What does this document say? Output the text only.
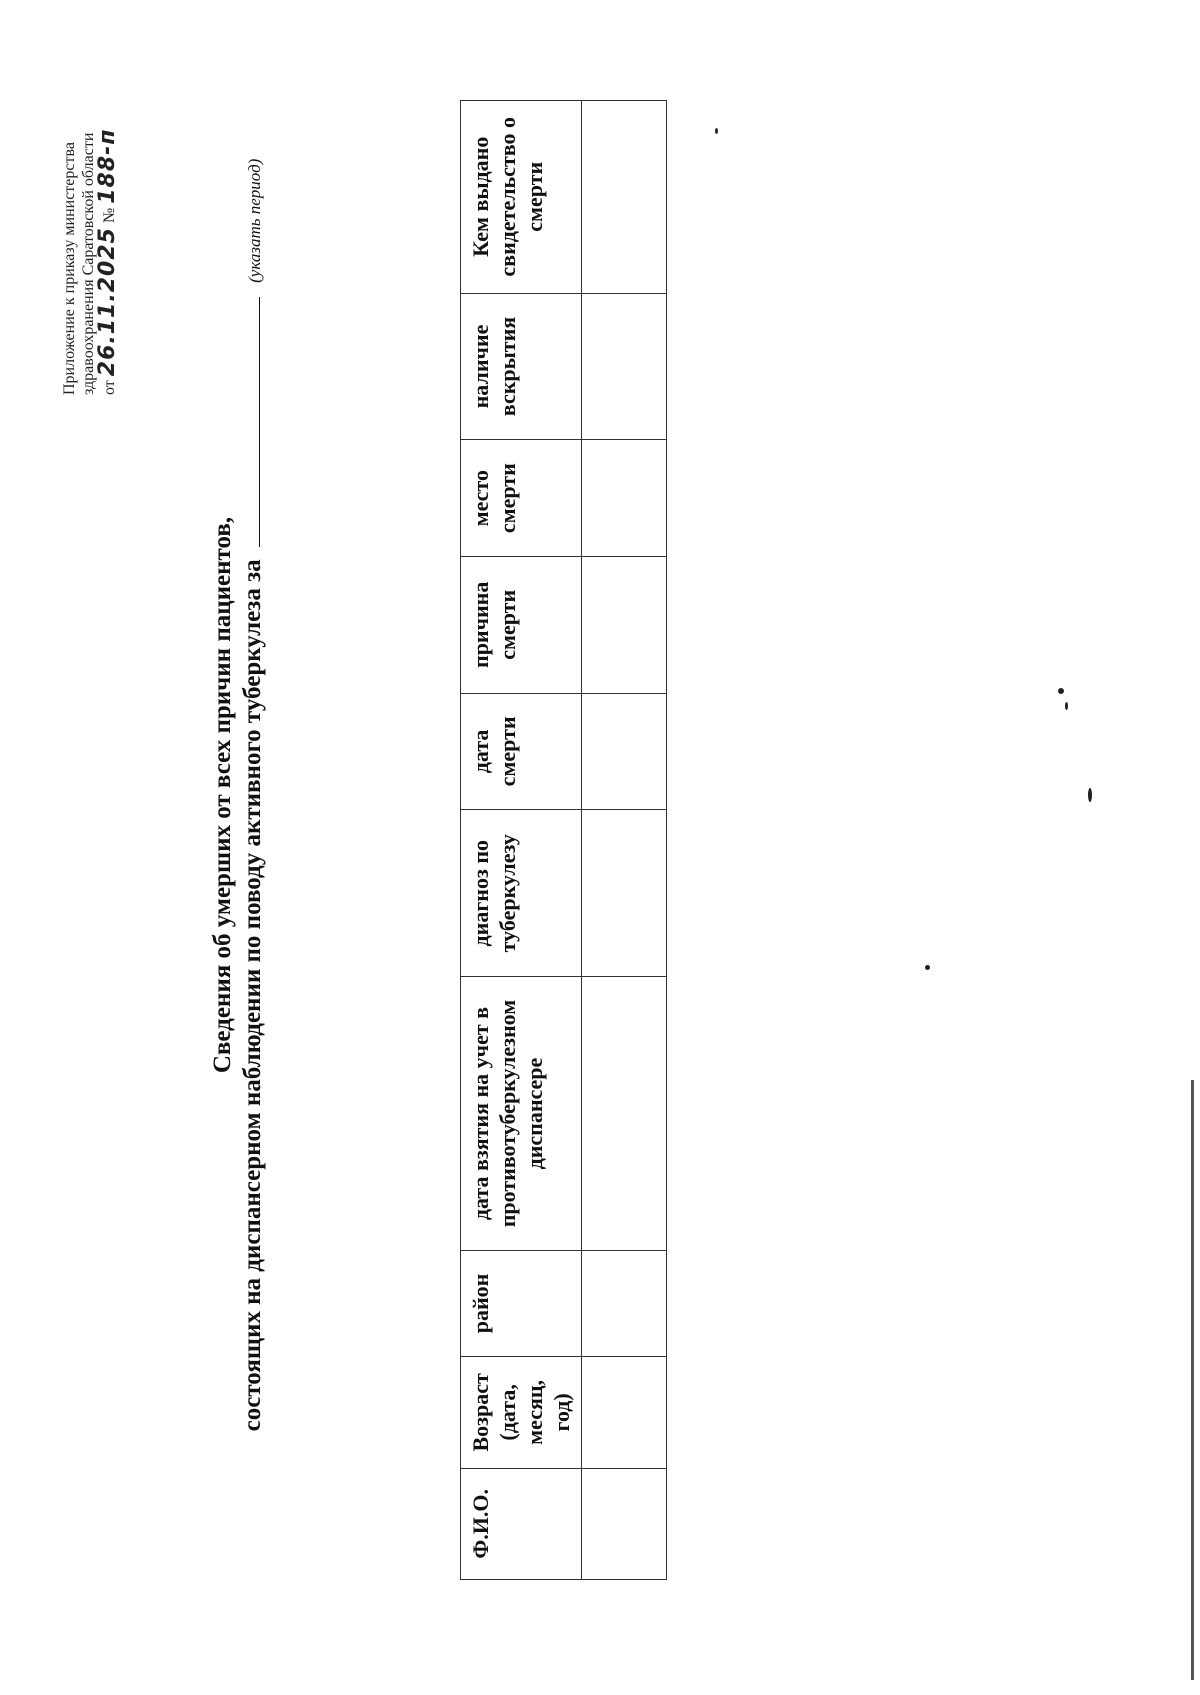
Приложение к приказу министерства здравоохранения Саратовской области от 26.11.2025 № 188-п
Сведения об умерших от всех причин пациентов, состоящих на диспансерном наблюдении по поводу активного туберкулеза за  (указать период)
Ф.И.О.	Возраст (дата, месяц, год)	район	дата взятия на учет в противотуберкулезном диспансере	диагноз по туберкулезу	дата смерти	причина смерти	место смерти	наличие вскрытия	Кем выдано свидетельство о смерти
